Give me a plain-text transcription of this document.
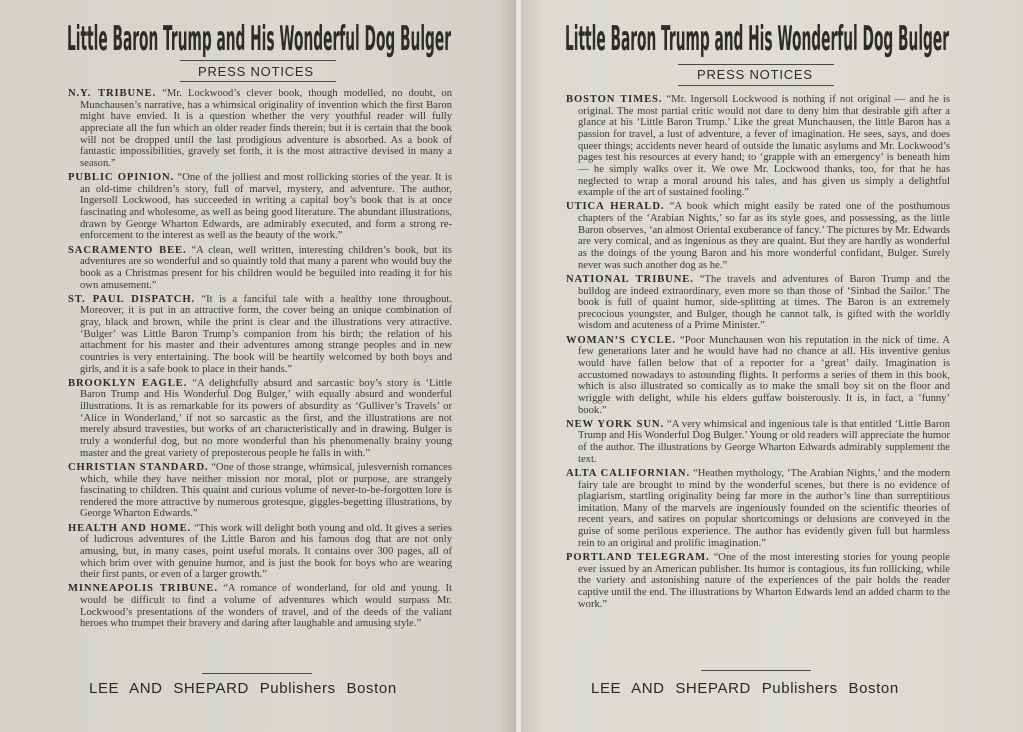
Little Baron Trump and His Wonderful Dog Bulger
PRESS NOTICES
N.Y. TRIBUNE. “Mr. Lockwood’s clever book, though modelled, no doubt, on Munchausen’s narrative, has a whimsical originality of invention which the first Baron might have envied. It is a question whether the very youthful reader will fully appreciate all the fun which an older reader finds therein; but it is certain that the book will not be dropped until the last prodigious adventure is absorbed. As a book of fantastic impossibilities, gravely set forth, it is the most attractive devised in many a season.”
PUBLIC OPINION. “One of the jolliest and most rollicking stories of the year. It is an old-time children’s story, full of marvel, mystery, and adventure. The author, Ingersoll Lockwood, has succeeded in writing a capital boy’s book that is at once fascinating and wholesome, as well as being good literature. The abundant illustrations, drawn by George Wharton Edwards, are admirably executed, and form a strong re-enforcement to the interest as well as the beauty of the work.”
SACRAMENTO BEE. “A clean, well written, interesting children’s book, but its adventures are so wonderful and so quaintly told that many a parent who would buy the book as a Christmas present for his children would be beguiled into reading it for his own amusement.”
ST. PAUL DISPATCH. “It is a fanciful tale with a healthy tone throughout. Moreover, it is put in an attractive form, the cover being an unique combination of gray, black and brown, while the print is clear and the illustrations very attractive. ‘Bulger’ was Little Baron Trump’s companion from his birth; the relation of his attachment for his master and their adventures among strange peoples and in new countries is very entertaining. The book will be heartily welcomed by both boys and girls, and it is a safe book to place in their hands.”
BROOKLYN EAGLE. “A delightfully absurd and sarcastic boy’s story is ‘Little Baron Trump and His Wonderful Dog Bulger,’ with equally absurd and wonderful illustrations. It is as remarkable for its powers of absurdity as ‘Gulliver’s Travels’ or ‘Alice in Wonderland,’ if not so sarcastic as the first, and the illustrations are not merely absurd travesties, but works of art characteristically and in drawing. Bulger is truly a wonderful dog, but no more wonderful than his phenomenally brainy young master and the great variety of preposterous people he falls in with.”
CHRISTIAN STANDARD. “One of those strange, whimsical, julesvernish romances which, while they have neither mission nor moral, plot or purpose, are strangely fascinating to children. This quaint and curious volume of never-to-be-forgotten lore is rendered the more attractive by numerous grotesque, giggles-begetting illustrations, by George Wharton Edwards.”
HEALTH AND HOME. “This work will delight both young and old. It gives a series of ludicrous adventures of the Little Baron and his famous dog that are not only amusing, but, in many cases, point useful morals. It contains over 300 pages, all of which brim over with genuine humor, and is just the book for boys who are wearing their first pants, or even of a larger growth.”
MINNEAPOLIS TRIBUNE. “A romance of wonderland, for old and young. It would be difficult to find a volume of adventures which would surpass Mr. Lockwood’s presentations of the wonders of travel, and of the deeds of the valiant heroes who trumpet their bravery and daring after laughable and amusing style.”
LEE AND SHEPARD Publishers Boston
Little Baron Trump and His Wonderful Dog Bulger
PRESS NOTICES
BOSTON TIMES. “Mr. Ingersoll Lockwood is nothing if not original — and he is original. The most partial critic would not dare to deny him that desirable gift after a glance at his ‘Little Baron Trump.’ Like the great Munchausen, the little Baron has a passion for travel, a lust of adventure, a fever of imagination. He sees, says, and does queer things; accidents never heard of outside the lunatic asylums and Mr. Lockwood’s pages test his resources at every hand; to ‘grapple with an emergency’ is beneath him — he simply walks over it. We owe Mr. Lockwood thanks, too, for that he has neglected to wrap a moral around his tales, and has given us simply a delightful example of the art of sustained fooling.”
UTICA HERALD. “A book which might easily be rated one of the posthumous chapters of the ‘Arabian Nights,’ so far as its style goes, and possessing, as the little Baron observes, ‘an almost Oriental exuberance of fancy.’ The pictures by Mr. Edwards are very comical, and as ingenious as they are quaint. But they are hardly as wonderful as the doings of the young Baron and his more wonderful confidant, Bulger. Surely never was such another dog as he.”
NATIONAL TRIBUNE. “The travels and adventures of Baron Trump and the bulldog are indeed extraordinary, even more so than those of ‘Sinbad the Sailor.’ The book is full of quaint humor, side-splitting at times. The Baron is an extremely precocious youngster, and Bulger, though he cannot talk, is gifted with the worldly wisdom and acuteness of a Prime Minister.”
WOMAN’S CYCLE. “Poor Munchausen won his reputation in the nick of time. A few generations later and he would have had no chance at all. His inventive genius would have fallen below that of a reporter for a ‘great’ daily. Imagination is accustomed nowadays to astounding flights. It performs a series of them in this book, which is also illustrated so comically as to make the small boy sit on the floor and wriggle with delight, while his elders guffaw boisterously. It is, in fact, a ‘funny’ book.”
NEW YORK SUN. “A very whimsical and ingenious tale is that entitled ‘Little Baron Trump and His Wonderful Dog Bulger.’ Young or old readers will appreciate the humor of the author. The illustrations by George Wharton Edwards admirably supplement the text.
ALTA CALIFORNIAN. “Heathen mythology, ‘The Arabian Nights,’ and the modern fairy tale are brought to mind by the wonderful scenes, but there is no evidence of plagiarism, startling originality being far more in the author’s line than surreptitious imitation. Many of the marvels are ingeniously founded on the scientific theories of recent years, and satires on popular shortcomings or delusions are conveyed in the guise of some perilous experience. The author has evidently given full but harmless rein to an original and prolific imagination.”
PORTLAND TELEGRAM. “One of the most interesting stories for young people ever issued by an American publisher. Its humor is contagious, its fun rollicking, while the variety and astonishing nature of the experiences of the pair holds the reader captive until the end. The illustrations by Wharton Edwards lend an added charm to the work.”
LEE AND SHEPARD Publishers Boston
